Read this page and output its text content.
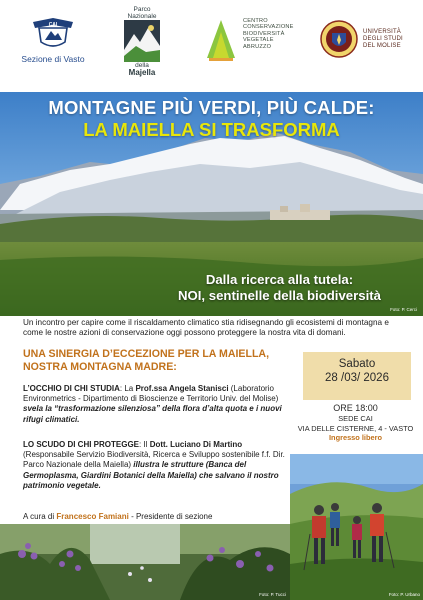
CAI
Sezione di Vasto
Parco
Nazionale
della
Majella
CENTRO
CONSERVAZIONE
BIODIVERSITÀ
VEGETALE
ABRUZZO
UNIVERSITÀ
DEGLI STUDI
DEL MOLISE
MONTAGNE PIÙ VERDI, PIÙ CALDE:
LA MAIELLA SI TRASFORMA
Dalla ricerca alla tutela:
NOI, sentinelle della biodiversità
Foto: P. Cerci
Un incontro per capire come il riscaldamento climatico stia ridisegnando gli ecosistemi di montagna e come le nostre azioni di conservazione oggi possono proteggere la nostra vita di domani.
UNA SINERGIA D’ECCEZIONE PER LA MAIELLA,
NOSTRA MONTAGNA MADRE:
L’OCCHIO DI CHI STUDIA: La Prof.ssa Angela Stanisci (Laboratorio Environmetrics - Dipartimento di Bioscienze e Territorio Univ. del Molise) svela la “trasformazione silenziosa” della flora d’alta quota e i nuovi rifugi climatici.
LO SCUDO DI CHI PROTEGGE: Il Dott. Luciano Di Martino (Responsabile Servizio Biodiversità, Ricerca e Sviluppo sostenibile f.f. Dir. Parco Nazionale della Maiella) illustra le strutture (Banca del Germoplasma, Giardini Botanici della Maiella) che salvano il nostro patrimonio vegetale.
A cura di Francesco Famiani - Presidente di sezione
Sabato
28 /03/ 2026
ORE 18:00
SEDE CAI
VIA DELLE CISTERNE, 4 - VASTO
Ingresso libero
Foto: P. Tucci	Foto: P. Urbano
